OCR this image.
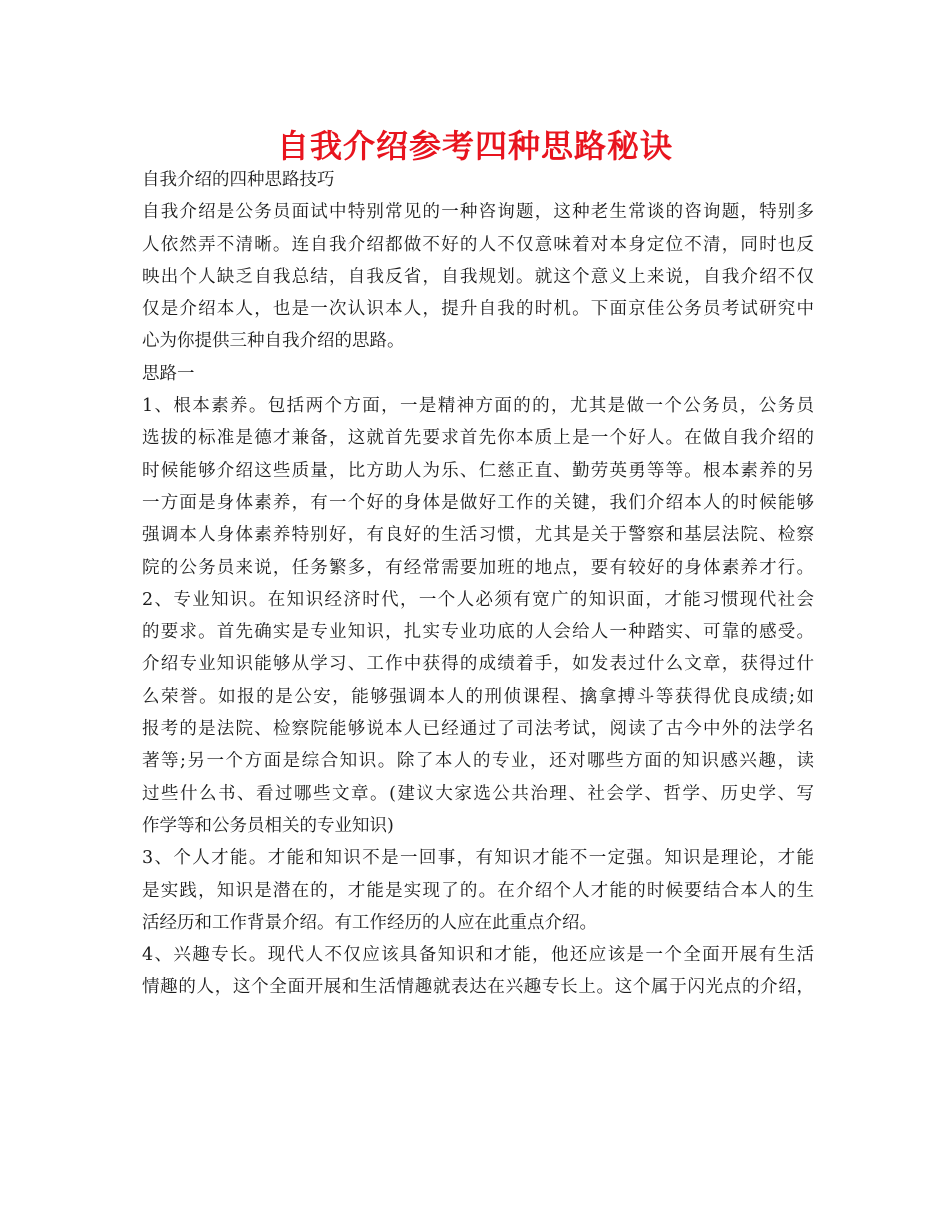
自我介绍参考四种思路秘诀
自我介绍的四种思路技巧
自我介绍是公务员面试中特别常见的一种咨询题，这种老生常谈的咨询题，特别多
人依然弄不清晰。连自我介绍都做不好的人不仅意味着对本身定位不清，同时也反
映出个人缺乏自我总结，自我反省，自我规划。就这个意义上来说，自我介绍不仅
仅是介绍本人，也是一次认识本人，提升自我的时机。下面京佳公务员考试研究中
心为你提供三种自我介绍的思路。
思路一
1、根本素养。包括两个方面，一是精神方面的的，尤其是做一个公务员，公务员
选拔的标准是德才兼备，这就首先要求首先你本质上是一个好人。在做自我介绍的
时候能够介绍这些质量，比方助人为乐、仁慈正直、勤劳英勇等等。根本素养的另
一方面是身体素养，有一个好的身体是做好工作的关键，我们介绍本人的时候能够
强调本人身体素养特别好，有良好的生活习惯，尤其是关于警察和基层法院、检察
院的公务员来说，任务繁多，有经常需要加班的地点，要有较好的身体素养才行。
2、专业知识。在知识经济时代，一个人必须有宽广的知识面，才能习惯现代社会
的要求。首先确实是专业知识，扎实专业功底的人会给人一种踏实、可靠的感受。
介绍专业知识能够从学习、工作中获得的成绩着手，如发表过什么文章，获得过什
么荣誉。如报的是公安，能够强调本人的刑侦课程、擒拿搏斗等获得优良成绩;如
报考的是法院、检察院能够说本人已经通过了司法考试，阅读了古今中外的法学名
著等;另一个方面是综合知识。除了本人的专业，还对哪些方面的知识感兴趣，读
过些什么书、看过哪些文章。(建议大家选公共治理、社会学、哲学、历史学、写
作学等和公务员相关的专业知识)
3、个人才能。才能和知识不是一回事，有知识才能不一定强。知识是理论，才能
是实践，知识是潜在的，才能是实现了的。在介绍个人才能的时候要结合本人的生
活经历和工作背景介绍。有工作经历的人应在此重点介绍。
4、兴趣专长。现代人不仅应该具备知识和才能，他还应该是一个全面开展有生活
情趣的人，这个全面开展和生活情趣就表达在兴趣专长上。这个属于闪光点的介绍，
